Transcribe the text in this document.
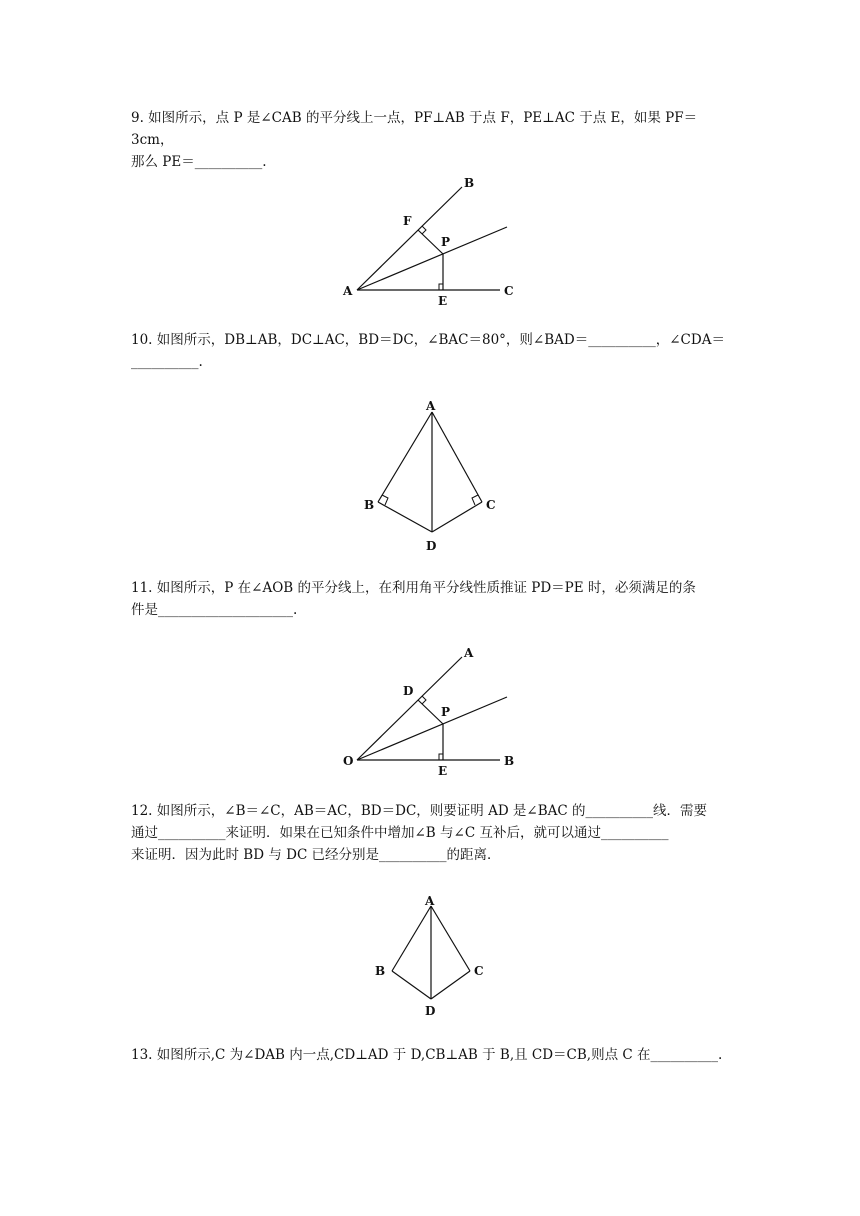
9. 如图所示，点 P 是∠CAB 的平分线上一点，PF⊥AB 于点 F，PE⊥AC 于点 E，如果 PF＝3cm，
那么 PE＝__________.

B
F
P
A
E
C

10. 如图所示，DB⊥AB，DC⊥AC，BD＝DC，∠BAC＝80°，则∠BAD＝__________，∠CDA＝
__________.

A
B	C
D

11. 如图所示，P 在∠AOB 的平分线上，在利用角平分线性质推证 PD＝PE 时，必须满足的条
件是____________________.

A
D
P
O
E
B

12. 如图所示，∠B＝∠C，AB＝AC，BD＝DC，则要证明 AD 是∠BAC 的__________线．需要
通过__________来证明．如果在已知条件中增加∠B 与∠C 互补后，就可以通过__________
来证明．因为此时 BD 与 DC 已经分别是__________的距离．

A
B	C
D

13. 如图所示,C 为∠DAB 内一点,CD⊥AD 于 D,CB⊥AB 于 B,且 CD＝CB,则点 C 在__________.
